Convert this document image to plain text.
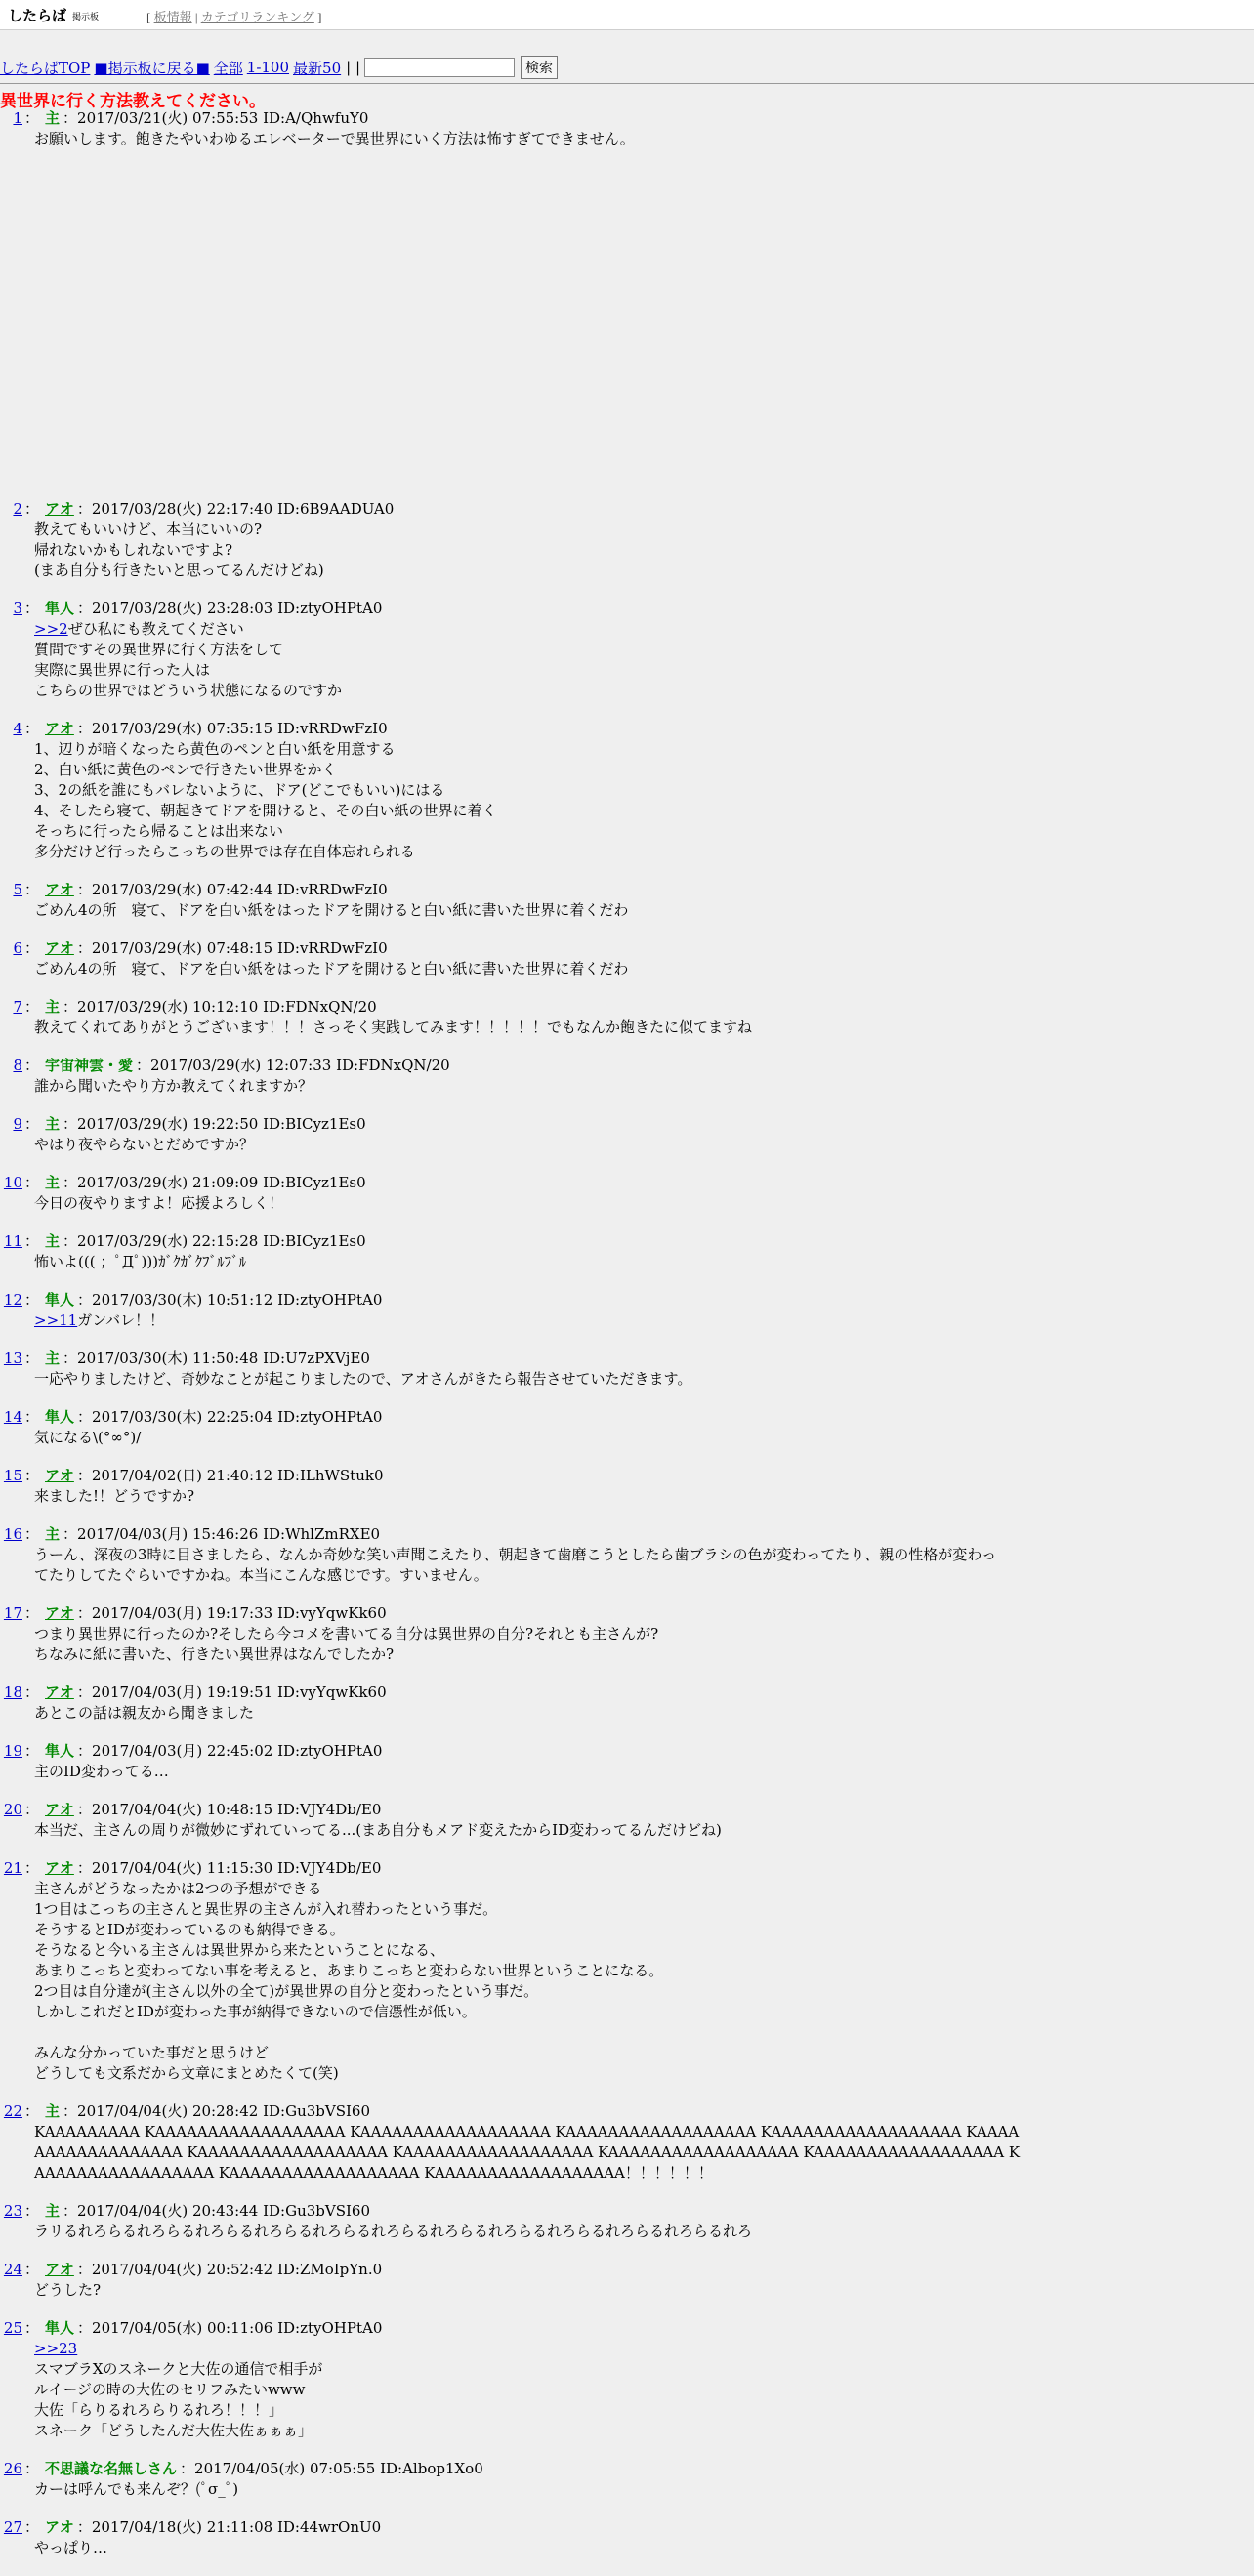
したらば 掲示板	[ 板情報 | カテゴリランキング ]
したらばTOP ■掲示板に戻る■ 全部 1-100 最新50 | |	検索
異世界に行く方法教えてください。
1 ： 主 ：2017/03/21(火) 07:55:53 ID:A/QhwfuY0
お願いします。飽きたやいわゆるエレベーターで異世界にいく方法は怖すぎてできません。
2 ： アオ ：2017/03/28(火) 22:17:40 ID:6B9AADUA0
教えてもいいけど、本当にいいの?
帰れないかもしれないですよ?
(まあ自分も行きたいと思ってるんだけどね)
3 ： 隼人 ：2017/03/28(火) 23:28:03 ID:ztyOHPtA0
>>2ぜひ私にも教えてください
質問ですその異世界に行く方法をして
実際に異世界に行った人は
こちらの世界ではどういう状態になるのですか
4 ： アオ ：2017/03/29(水) 07:35:15 ID:vRRDwFzI0
1、辺りが暗くなったら黄色のペンと白い紙を用意する
2、白い紙に黄色のペンで行きたい世界をかく
3、2の紙を誰にもバレないように、ドア(どこでもいい)にはる
4、そしたら寝て、朝起きてドアを開けると、その白い紙の世界に着く
そっちに行ったら帰ることは出来ない
多分だけど行ったらこっちの世界では存在自体忘れられる
5 ： アオ ：2017/03/29(水) 07:42:44 ID:vRRDwFzI0
ごめん4の所　寝て、ドアを白い紙をはったドアを開けると白い紙に書いた世界に着くだわ
6 ： アオ ：2017/03/29(水) 07:48:15 ID:vRRDwFzI0
ごめん4の所　寝て、ドアを白い紙をはったドアを開けると白い紙に書いた世界に着くだわ
7 ： 主 ：2017/03/29(水) 10:12:10 ID:FDNxQN/20
教えてくれてありがとうございます！！！さっそく実践してみます！！！！！でもなんか飽きたに似てますね
8 ： 宇宙神雲・愛 ：2017/03/29(水) 12:07:33 ID:FDNxQN/20
誰から聞いたやり方か教えてくれますか？
9 ： 主 ：2017/03/29(水) 19:22:50 ID:BICyz1Es0
やはり夜やらないとだめですか？
10 ： 主 ：2017/03/29(水) 21:09:09 ID:BICyz1Es0
今日の夜やりますよ！応援よろしく！
11 ： 主 ：2017/03/29(水) 22:15:28 ID:BICyz1Es0
怖いよ((( ；ﾟДﾟ)))ｶﾞｸｶﾞｸﾌﾞﾙﾌﾞﾙ
12 ： 隼人 ：2017/03/30(木) 10:51:12 ID:ztyOHPtA0
>>11ガンバレ！！
13 ： 主 ：2017/03/30(木) 11:50:48 ID:U7zPXVjE0
一応やりましたけど、奇妙なことが起こりましたので、アオさんがきたら報告させていただきます。
14 ： 隼人 ：2017/03/30(木) 22:25:04 ID:ztyOHPtA0
気になる\(°∞°)/
15 ： アオ ：2017/04/02(日) 21:40:12 ID:ILhWStuk0
来ました!！どうですか?
16 ： 主 ：2017/04/03(月) 15:46:26 ID:WhlZmRXE0
うーん、深夜の3時に目さましたら、なんか奇妙な笑い声聞こえたり、朝起きて歯磨こうとしたら歯ブラシの色が変わってたり、親の性格が変わっ
てたりしてたぐらいですかね。本当にこんな感じです。すいません。
17 ： アオ ：2017/04/03(月) 19:17:33 ID:vyYqwKk60
つまり異世界に行ったのか?そしたら今コメを書いてる自分は異世界の自分?それとも主さんが?
ちなみに紙に書いた、行きたい異世界はなんでしたか?
18 ： アオ ：2017/04/03(月) 19:19:51 ID:vyYqwKk60
あとこの話は親友から聞きました
19 ： 隼人 ：2017/04/03(月) 22:45:02 ID:ztyOHPtA0
主のID変わってる…
20 ： アオ ：2017/04/04(火) 10:48:15 ID:VJY4Db/E0
本当だ、主さんの周りが微妙にずれていってる...(まあ自分もメアド変えたからID変わってるんだけどね)
21 ： アオ ：2017/04/04(火) 11:15:30 ID:VJY4Db/E0
主さんがどうなったかは2つの予想ができる
1つ目はこっちの主さんと異世界の主さんが入れ替わったという事だ。
そうするとIDが変わっているのも納得できる。
そうなると今いる主さんは異世界から来たということになる、
あまりこっちと変わってない事を考えると、あまりこっちと変わらない世界ということになる。
2つ目は自分達が(主さん以外の全て)が異世界の自分と変わったという事だ。
しかしこれだとIDが変わった事が納得できないので信憑性が低い。

みんな分かっていた事だと思うけど
どうしても文系だから文章にまとめたくて(笑)
22 ： 主 ：2017/04/04(火) 20:28:42 ID:Gu3bVSI60
KAAAAAAAAA KAAAAAAAAAAAAAAAAAA KAAAAAAAAAAAAAAAAAA KAAAAAAAAAAAAAAAAAA KAAAAAAAAAAAAAAAAAA KAAAA
AAAAAAAAAAAAAA KAAAAAAAAAAAAAAAAAA KAAAAAAAAAAAAAAAAAA KAAAAAAAAAAAAAAAAAA KAAAAAAAAAAAAAAAAAA K
AAAAAAAAAAAAAAAAA KAAAAAAAAAAAAAAAAAA KAAAAAAAAAAAAAAAAAA！！！！！！
23 ： 主 ：2017/04/04(火) 20:43:44 ID:Gu3bVSI60
ラリるれろらるれろらるれろらるれろらるれろらるれろらるれろらるれろらるれろらるれろらるれろらるれろ
24 ： アオ ：2017/04/04(火) 20:52:42 ID:ZMoIpYn.0
どうした?
25 ： 隼人 ：2017/04/05(水) 00:11:06 ID:ztyOHPtA0
>>23
スマブラXのスネークと大佐の通信で相手が
ルイージの時の大佐のセリフみたいwww
大佐「らりるれろらりるれろ！！！」
スネーク「どうしたんだ大佐大佐ぁぁぁ」
26 ： 不思議な名無しさん ：2017/04/05(水) 07:05:55 ID:Albop1Xo0
カーは呼んでも来んぞ？(ﾟσ_ﾟ)
27 ： アオ ：2017/04/18(火) 21:11:08 ID:44wrOnU0
やっぱり…
